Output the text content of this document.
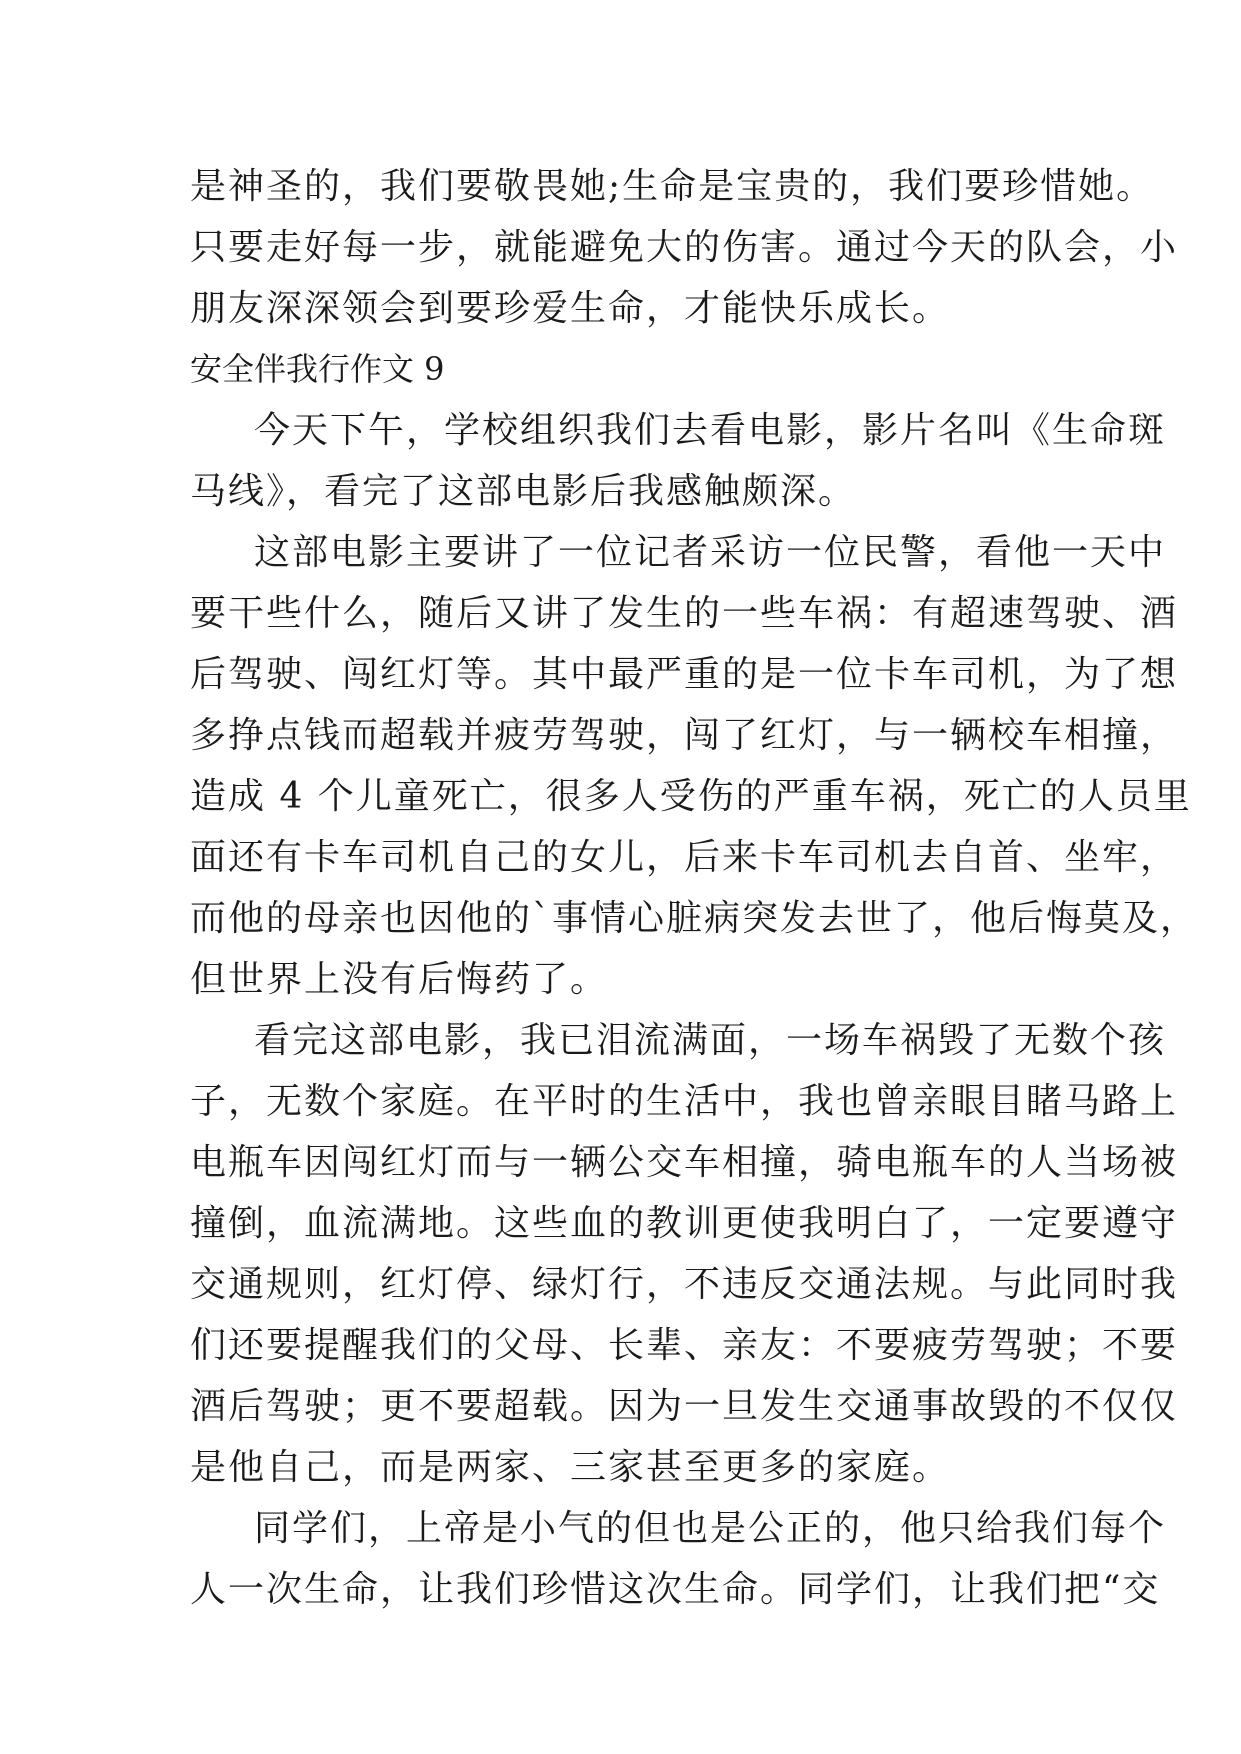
是神圣的，我们要敬畏她;生命是宝贵的，我们要珍惜她。
只要走好每一步，就能避免大的伤害。通过今天的队会，小
朋友深深领会到要珍爱生命，才能快乐成长。
安全伴我行作文 9
今天下午，学校组织我们去看电影，影片名叫《生命斑
马线》，看完了这部电影后我感触颇深。
这部电影主要讲了一位记者采访一位民警，看他一天中
要干些什么，随后又讲了发生的一些车祸：有超速驾驶、酒
后驾驶、闯红灯等。其中最严重的是一位卡车司机，为了想
多挣点钱而超载并疲劳驾驶，闯了红灯，与一辆校车相撞，
造成 4 个儿童死亡，很多人受伤的严重车祸，死亡的人员里
面还有卡车司机自己的女儿，后来卡车司机去自首、坐牢，
而他的母亲也因他的`事情心脏病突发去世了，他后悔莫及，
但世界上没有后悔药了。
看完这部电影，我已泪流满面，一场车祸毁了无数个孩
子，无数个家庭。在平时的生活中，我也曾亲眼目睹马路上
电瓶车因闯红灯而与一辆公交车相撞，骑电瓶车的人当场被
撞倒，血流满地。这些血的教训更使我明白了，一定要遵守
交通规则，红灯停、绿灯行，不违反交通法规。与此同时我
们还要提醒我们的父母、长辈、亲友：不要疲劳驾驶；不要
酒后驾驶；更不要超载。因为一旦发生交通事故毁的不仅仅
是他自己，而是两家、三家甚至更多的家庭。
同学们，上帝是小气的但也是公正的，他只给我们每个
人一次生命，让我们珍惜这次生命。同学们，让我们把“交
